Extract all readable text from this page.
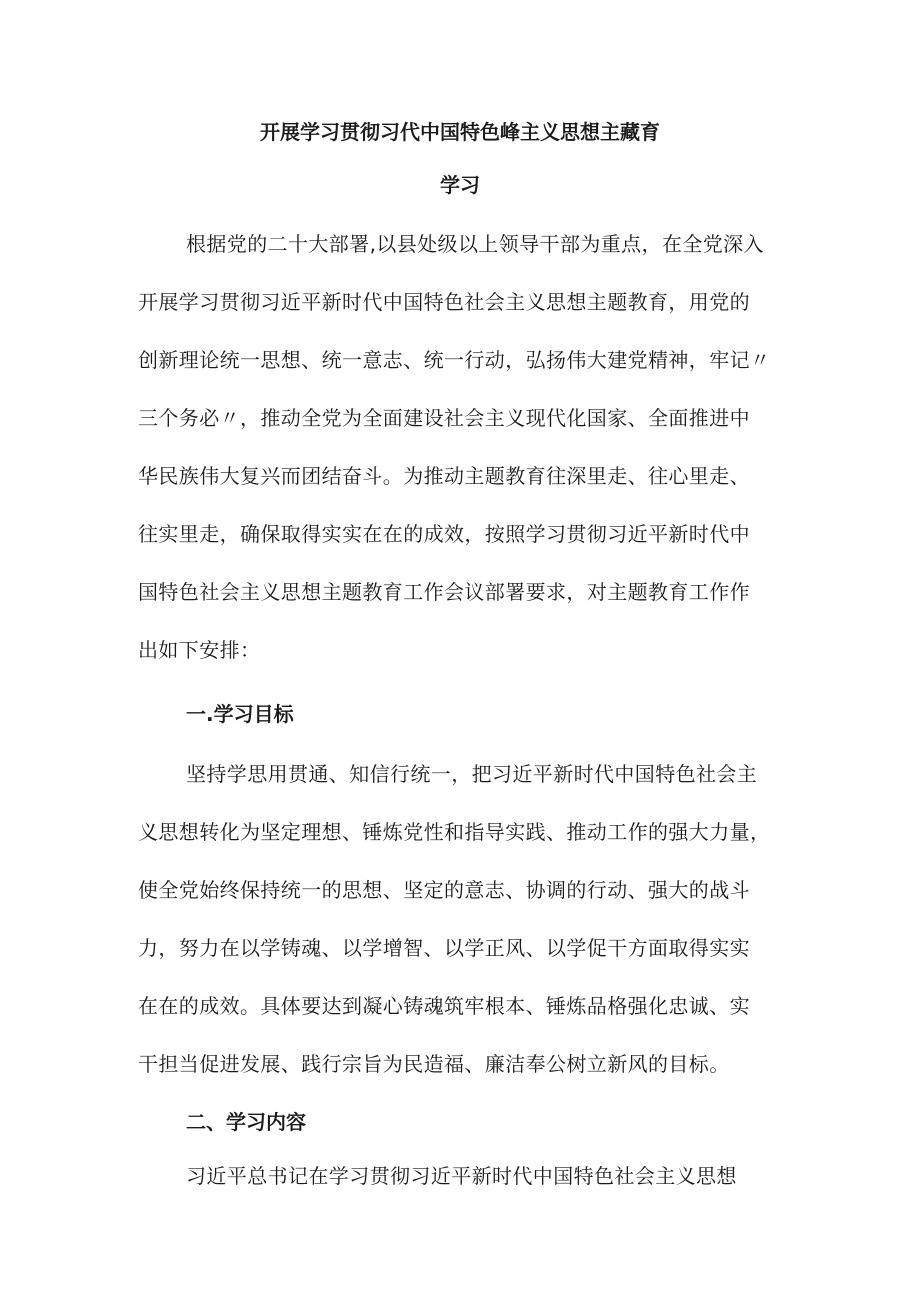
开展学习贯彻习代中国特色峰主义思想主藏育
学习
根据党的二十大部署,以县处级以上领导干部为重点，在全党深入
开展学习贯彻习近平新时代中国特色社会主义思想主题教育，用党的
创新理论统一思想、统一意志、统一行动，弘扬伟大建党精神，牢记〃
三个务必〃，推动全党为全面建设社会主义现代化国家、全面推进中
华民族伟大复兴而团结奋斗。为推动主题教育往深里走、往心里走、
往实里走，确保取得实实在在的成效，按照学习贯彻习近平新时代中
国特色社会主义思想主题教育工作会议部署要求，对主题教育工作作
出如下安排：
一.学习目标
坚持学思用贯通、知信行统一，把习近平新时代中国特色社会主
义思想转化为坚定理想、锤炼党性和指导实践、推动工作的强大力量，
使全党始终保持统一的思想、坚定的意志、协调的行动、强大的战斗
力，努力在以学铸魂、以学增智、以学正风、以学促干方面取得实实
在在的成效。具体要达到凝心铸魂筑牢根本、锤炼品格强化忠诚、实
干担当促进发展、践行宗旨为民造福、廉洁奉公树立新风的目标。
二、学习内容
习近平总书记在学习贯彻习近平新时代中国特色社会主义思想
